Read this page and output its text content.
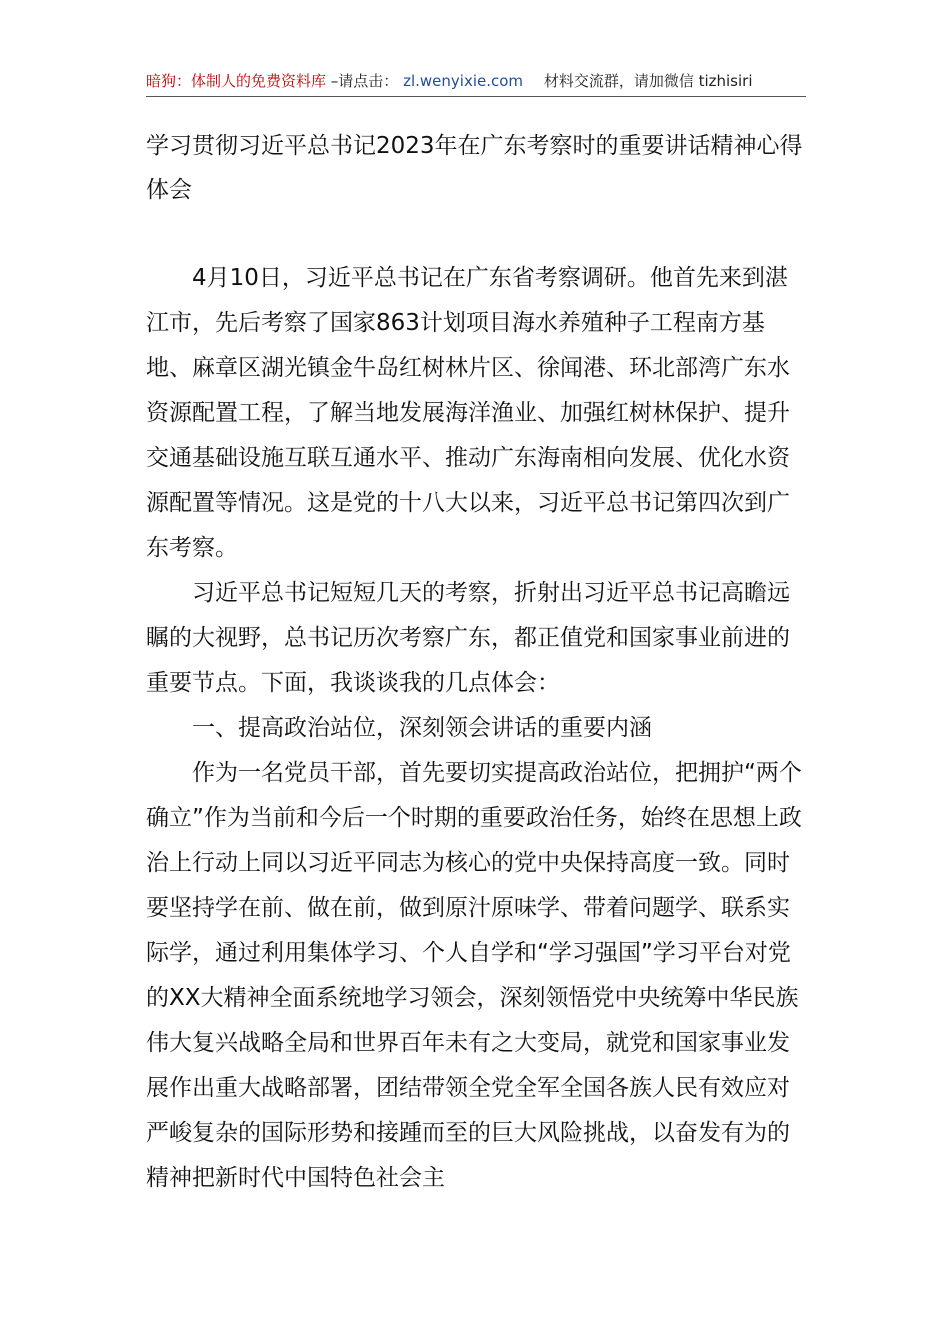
暗狗：体制人的免费资料库 –请点击： zl.wenyixie.com 材料交流群，请加微信 tizhisiri
学习贯彻习近平总书记2023年在广东考察时的重要讲话精神心得体会

4月10日，习近平总书记在广东省考察调研。他首先来到湛江市，先后考察了国家863计划项目海水养殖种子工程南方基地、麻章区湖光镇金牛岛红树林片区、徐闻港、环北部湾广东水资源配置工程，了解当地发展海洋渔业、加强红树林保护、提升交通基础设施互联互通水平、推动广东海南相向发展、优化水资源配置等情况。这是党的十八大以来，习近平总书记第四次到广东考察。

习近平总书记短短几天的考察，折射出习近平总书记高瞻远瞩的大视野，总书记历次考察广东，都正值党和国家事业前进的重要节点。下面，我谈谈我的几点体会：

一、提高政治站位，深刻领会讲话的重要内涵

作为一名党员干部，首先要切实提高政治站位，把拥护“两个确立”作为当前和今后一个时期的重要政治任务，始终在思想上政治上行动上同以习近平同志为核心的党中央保持高度一致。同时要坚持学在前、做在前，做到原汁原味学、带着问题学、联系实际学，通过利用集体学习、个人自学和“学习强国”学习平台对党的XX大精神全面系统地学习领会，深刻领悟党中央统筹中华民族伟大复兴战略全局和世界百年未有之大变局，就党和国家事业发展作出重大战略部署，团结带领全党全军全国各族人民有效应对严峻复杂的国际形势和接踵而至的巨大风险挑战，以奋发有为的精神把新时代中国特色社会主
